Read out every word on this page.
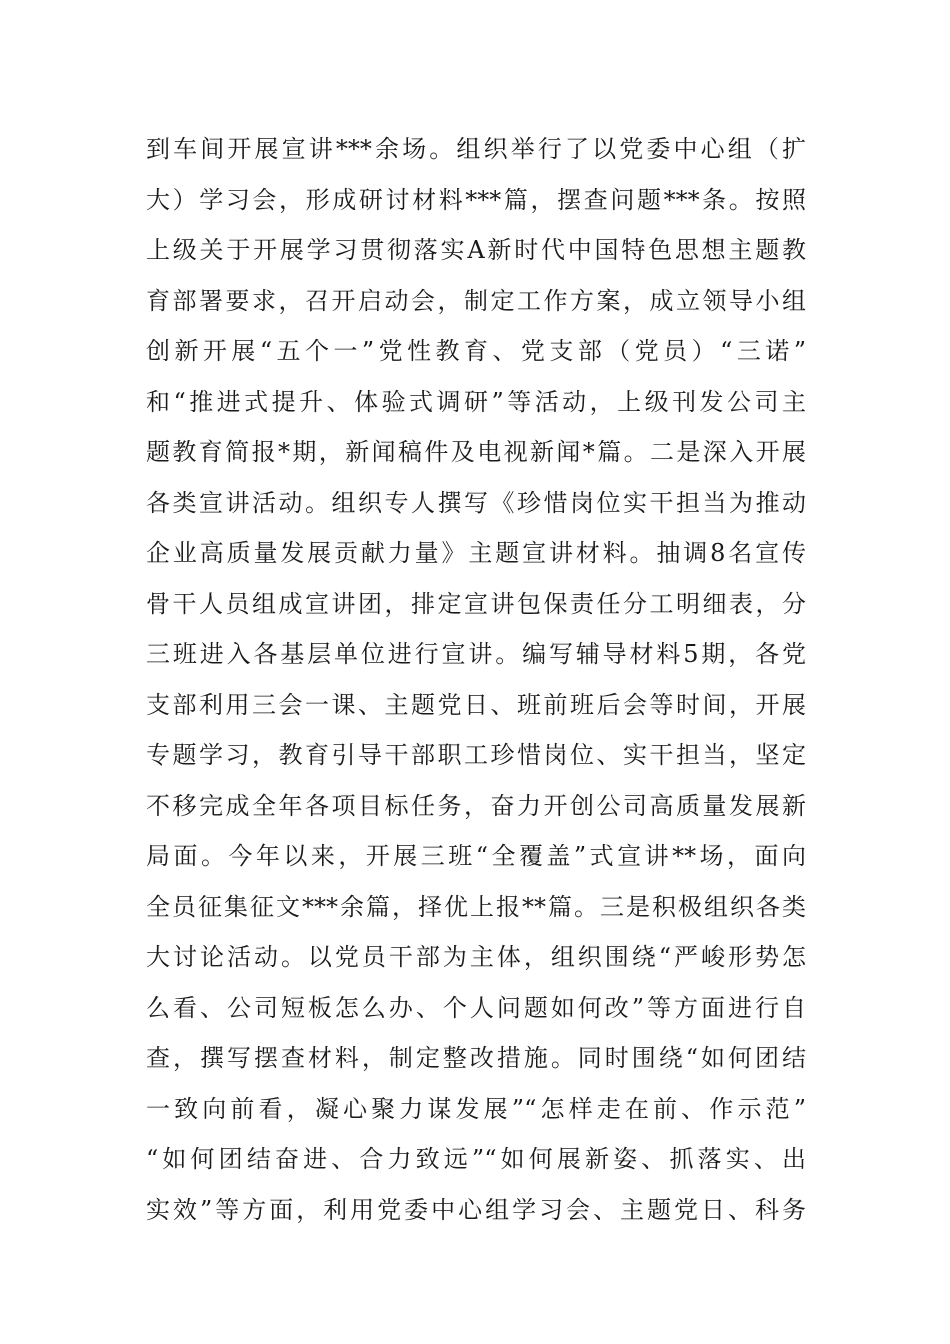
到车间开展宣讲***余场。组织举行了以党委中心组（扩
大）学习会，形成研讨材料***篇，摆查问题***条。按照
上级关于开展学习贯彻落实A新时代中国特色思想主题教
育部署要求，召开启动会，制定工作方案，成立领导小组
创新开展“五个一”党性教育、党支部（党员）“三诺”
和“推进式提升、体验式调研”等活动，上级刊发公司主
题教育简报*期，新闻稿件及电视新闻*篇。二是深入开展
各类宣讲活动。组织专人撰写《珍惜岗位实干担当为推动
企业高质量发展贡献力量》主题宣讲材料。抽调8名宣传
骨干人员组成宣讲团，排定宣讲包保责任分工明细表，分
三班进入各基层单位进行宣讲。编写辅导材料5期，各党
支部利用三会一课、主题党日、班前班后会等时间，开展
专题学习，教育引导干部职工珍惜岗位、实干担当，坚定
不移完成全年各项目标任务，奋力开创公司高质量发展新
局面。今年以来，开展三班“全覆盖”式宣讲**场，面向
全员征集征文***余篇，择优上报**篇。三是积极组织各类
大讨论活动。以党员干部为主体，组织围绕“严峻形势怎
么看、公司短板怎么办、个人问题如何改”等方面进行自
查，撰写摆查材料，制定整改措施。同时围绕“如何团结
一致向前看，凝心聚力谋发展”“怎样走在前、作示范”
“如何团结奋进、合力致远”“如何展新姿、抓落实、出
实效”等方面，利用党委中心组学习会、主题党日、科务
